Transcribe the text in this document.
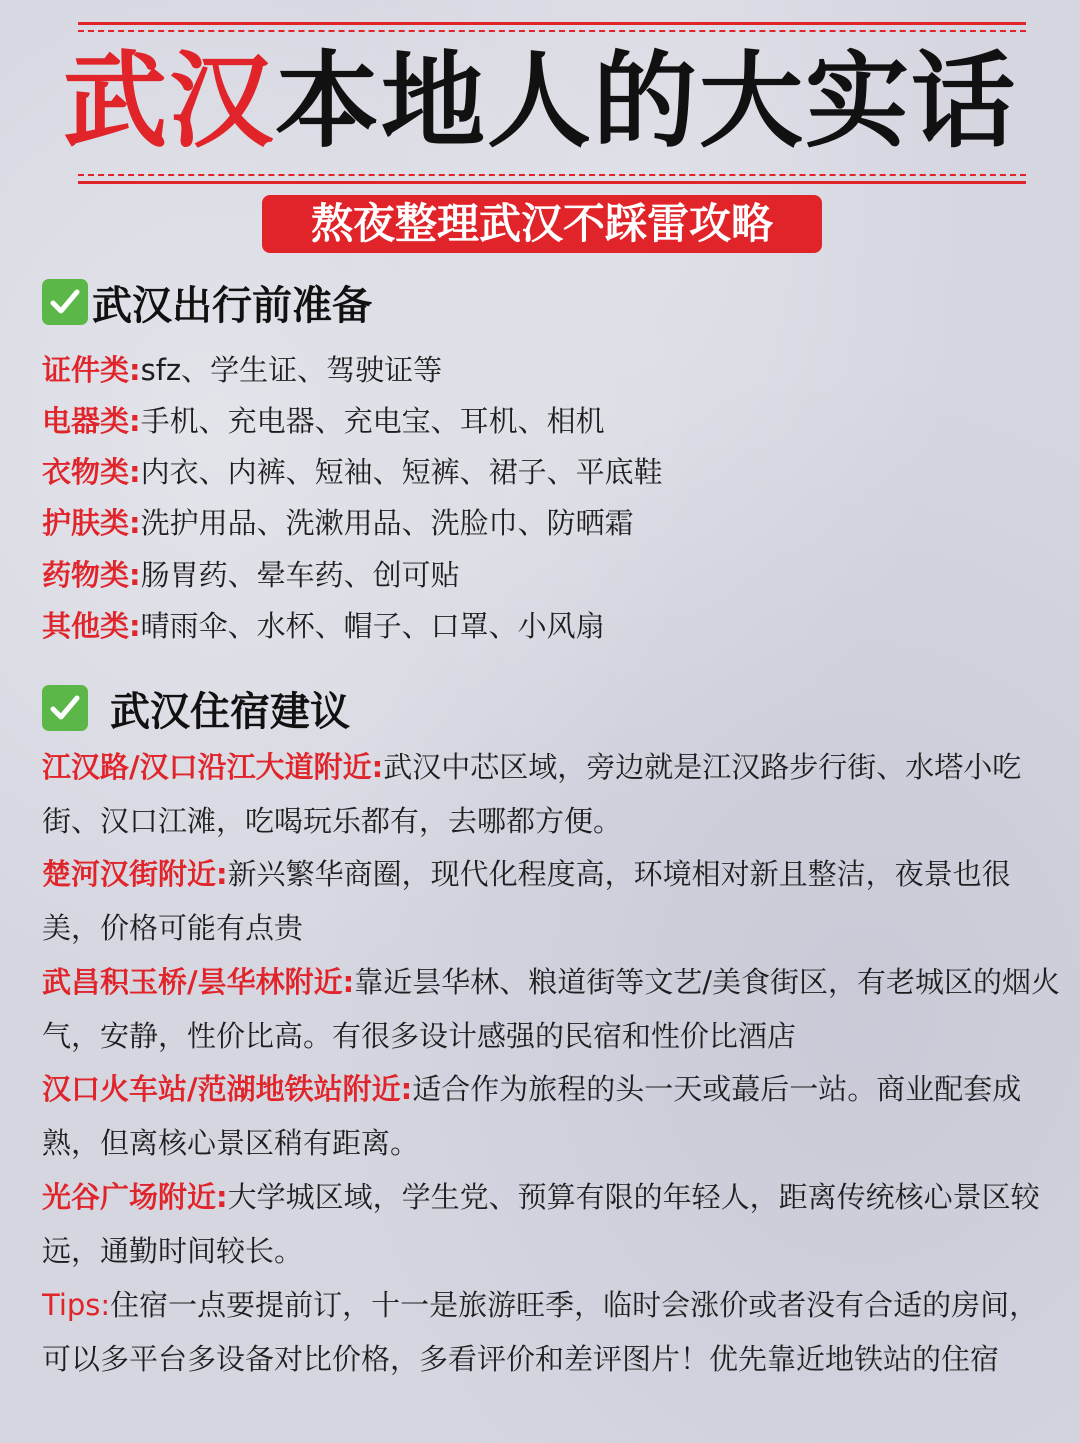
武汉本地人的大实话
熬夜整理武汉不踩雷攻略
武汉出行前准备
证件类:sfz、学生证、驾驶证等
电器类:手机、充电器、充电宝、耳机、相机
衣物类:内衣、内裤、短袖、短裤、裙子、平底鞋
护肤类:洗护用品、洗漱用品、洗脸巾、防晒霜
药物类:肠胃药、晕车药、创可贴
其他类:晴雨伞、水杯、帽子、口罩、小风扇
武汉住宿建议
江汉路/汉口沿江大道附近:武汉中芯区域，旁边就是江汉路步行街、水塔小吃街、汉口江滩，吃喝玩乐都有，去哪都方便。
楚河汉街附近:新兴繁华商圈，现代化程度高，环境相对新且整洁，夜景也很美，价格可能有点贵
武昌积玉桥/昙华林附近:靠近昙华林、粮道街等文艺/美食街区，有老城区的烟火气，安静，性价比高。有很多设计感强的民宿和性价比酒店
汉口火车站/范湖地铁站附近:适合作为旅程的头一天或蕞后一站。商业配套成熟，但离核心景区稍有距离。
光谷广场附近:大学城区域，学生党、预算有限的年轻人，距离传统核心景区较远，通勤时间较长。
Tips:住宿一点要提前订，十一是旅游旺季，临时会涨价或者没有合适的房间，可以多平台多设备对比价格，多看评价和差评图片！优先靠近地铁站的住宿
